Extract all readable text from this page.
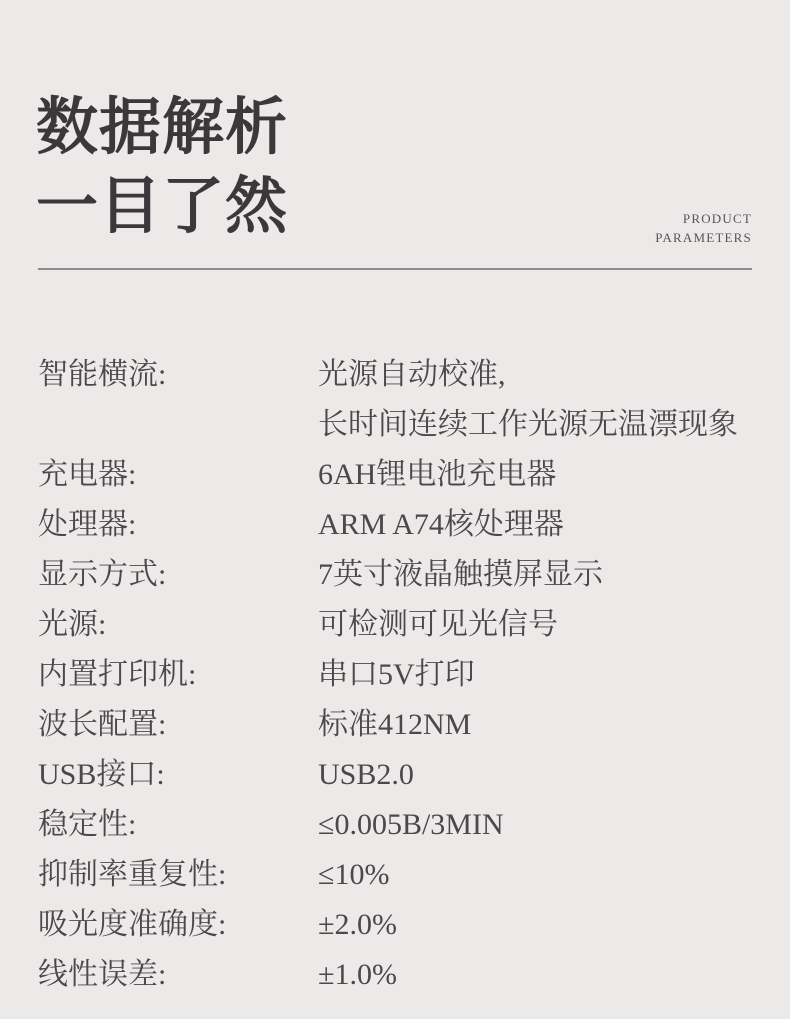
数据解析
一目了然	PRODUCT
PARAMETERS
智能横流:	光源自动校准,
长时间连续工作光源无温漂现象
充电器:	6AH锂电池充电器
处理器:	ARM A74核处理器
显示方式:	7英寸液晶触摸屏显示
光源:	可检测可见光信号
内置打印机:	串口5V打印
波长配置:	标准412NM
USB接口:	USB2.0
稳定性:	≤0.005B/3MIN
抑制率重复性:	≤10%
吸光度准确度:	±2.0%
线性误差:	±1.0%
